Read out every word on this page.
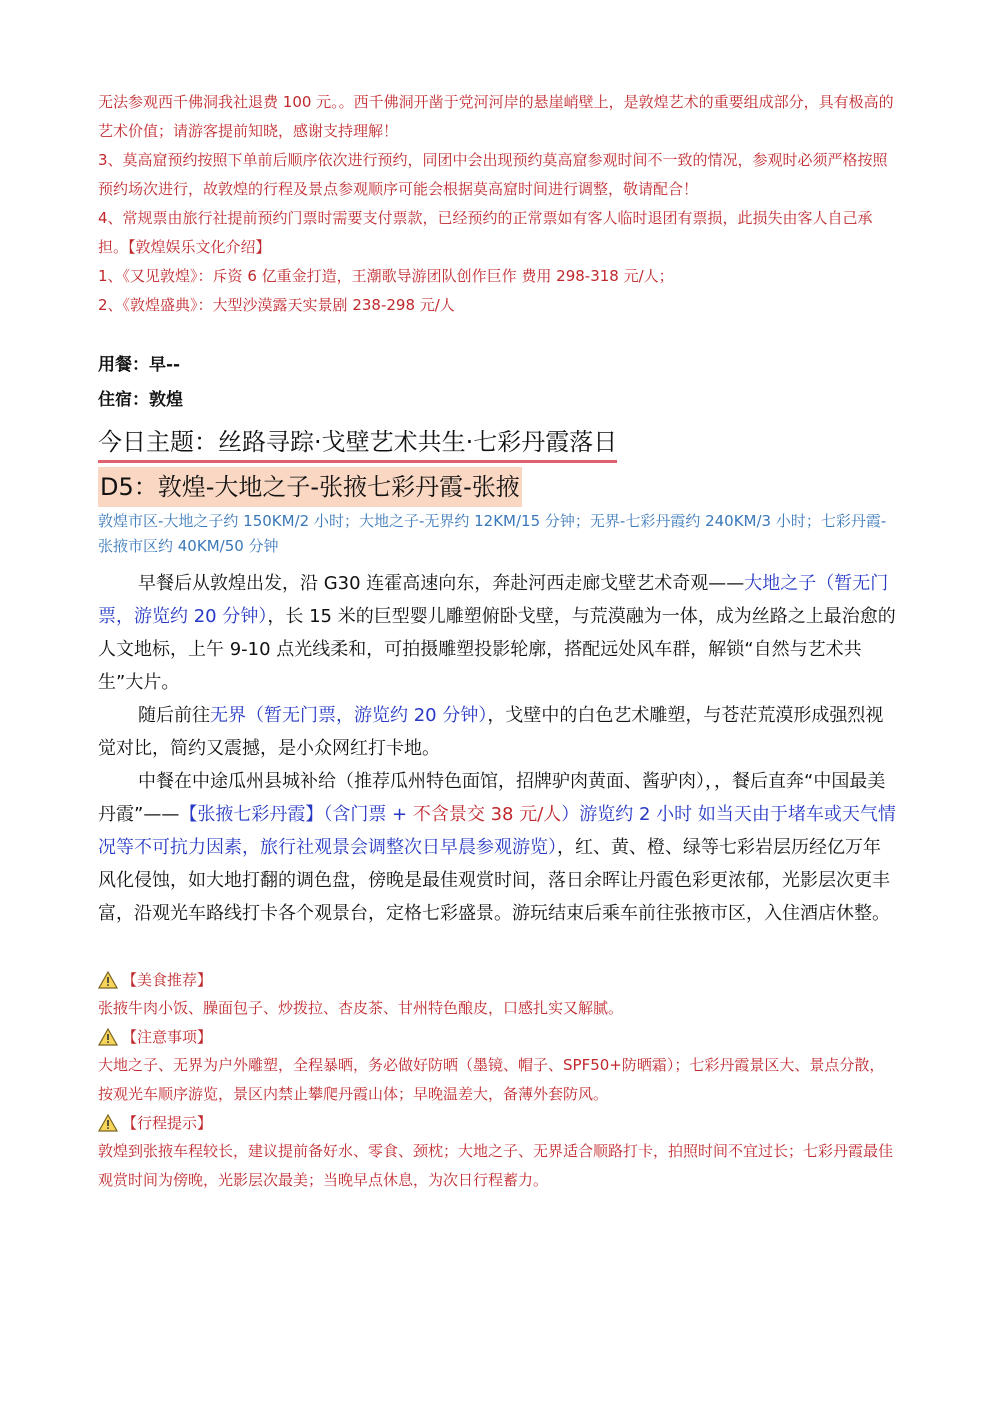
无法参观西千佛洞我社退费 100 元。。西千佛洞开凿于党河河岸的悬崖峭壁上，是敦煌艺术的重要组成部分，具有极高的艺术价值；请游客提前知晓，感谢支持理解！

3、莫高窟预约按照下单前后顺序依次进行预约，同团中会出现预约莫高窟参观时间不一致的情况，参观时必须严格按照预约场次进行，故敦煌的行程及景点参观顺序可能会根据莫高窟时间进行调整，敬请配合！

4、常规票由旅行社提前预约门票时需要支付票款，已经预约的正常票如有客人临时退团有票损，此损失由客人自己承担。【敦煌娱乐文化介绍】

1、《又见敦煌》：斥资 6 亿重金打造，王潮歌导游团队创作巨作 费用 298-318 元/人；

2、《敦煌盛典》：大型沙漠露天实景剧 238-298 元/人

用餐：早--

住宿：敦煌

今日主题：丝路寻踪·戈壁艺术共生·七彩丹霞落日
D5：敦煌-大地之子-张掖七彩丹霞-张掖

敦煌市区-大地之子约 150KM/2 小时；大地之子-无界约 12KM/15 分钟；无界-七彩丹霞约 240KM/3 小时；七彩丹霞-张掖市区约 40KM/50 分钟

早餐后从敦煌出发，沿 G30 连霍高速向东，奔赴河西走廊戈壁艺术奇观——大地之子（暂无门票，游览约 20 分钟），长 15 米的巨型婴儿雕塑俯卧戈壁，与荒漠融为一体，成为丝路之上最治愈的人文地标，上午 9-10 点光线柔和，可拍摄雕塑投影轮廓，搭配远处风车群，解锁“自然与艺术共生”大片。

随后前往无界（暂无门票，游览约 20 分钟），戈壁中的白色艺术雕塑，与苍茫荒漠形成强烈视觉对比，简约又震撼，是小众网红打卡地。

中餐在中途瓜州县城补给（推荐瓜州特色面馆，招牌驴肉黄面、酱驴肉），，餐后直奔“中国最美丹霞”——【张掖七彩丹霞】（含门票 + 不含景交 38 元/人）游览约 2 小时 如当天由于堵车或天气情况等不可抗力因素，旅行社观景会调整次日早晨参观游览），红、黄、橙、绿等七彩岩层历经亿万年风化侵蚀，如大地打翻的调色盘，傍晚是最佳观赏时间，落日余晖让丹霞色彩更浓郁，光影层次更丰富，沿观光车路线打卡各个观景台，定格七彩盛景。游玩结束后乘车前往张掖市区，入住酒店休整。

【美食推荐】

张掖牛肉小饭、臊面包子、炒拨拉、杏皮茶、甘州特色酿皮，口感扎实又解腻。

【注意事项】

大地之子、无界为户外雕塑，全程暴晒，务必做好防晒（墨镜、帽子、SPF50+防晒霜）；七彩丹霞景区大、景点分散，按观光车顺序游览，景区内禁止攀爬丹霞山体；早晚温差大，备薄外套防风。

【行程提示】

敦煌到张掖车程较长，建议提前备好水、零食、颈枕；大地之子、无界适合顺路打卡，拍照时间不宜过长；七彩丹霞最佳观赏时间为傍晚，光影层次最美；当晚早点休息，为次日行程蓄力。
